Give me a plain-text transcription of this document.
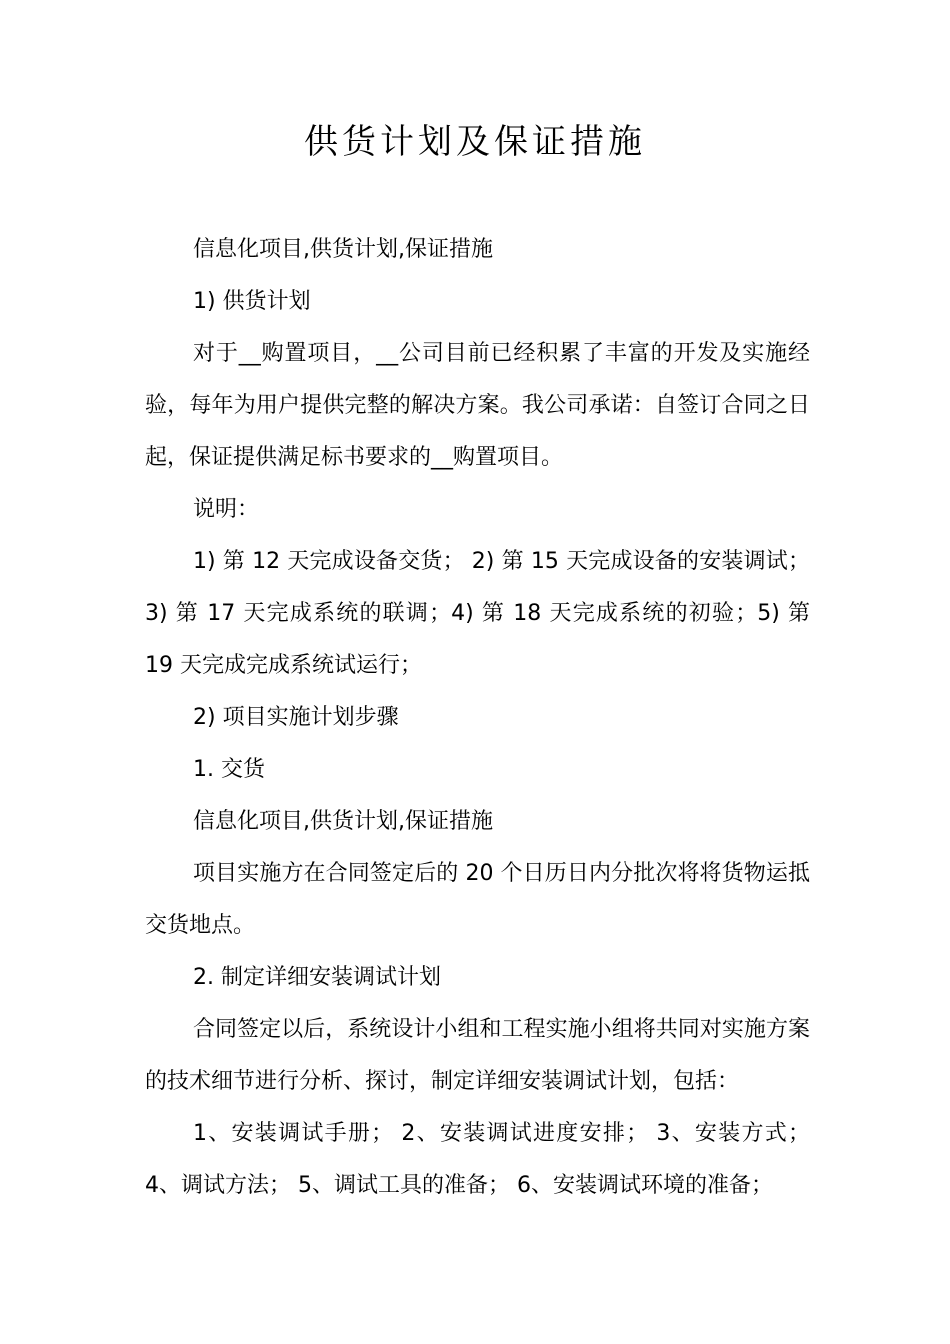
供货计划及保证措施

信息化项目,供货计划,保证措施

1) 供货计划

对于__购置项目，__公司目前已经积累了丰富的开发及实施经验，每年为用户提供完整的解决方案。我公司承诺：自签订合同之日起，保证提供满足标书要求的__购置项目。

说明：

1) 第 12 天完成设备交货； 2) 第 15 天完成设备的安装调试；3) 第 17 天完成系统的联调；4) 第 18 天完成系统的初验；5) 第 19 天完成完成系统试运行；

2) 项目实施计划步骤

1. 交货

信息化项目,供货计划,保证措施

项目实施方在合同签定后的 20 个日历日内分批次将将货物运抵交货地点。

2. 制定详细安装调试计划

合同签定以后，系统设计小组和工程实施小组将共同对实施方案的技术细节进行分析、探讨，制定详细安装调试计划，包括：

1、安装调试手册； 2、安装调试进度安排； 3、安装方式；4、调试方法； 5、调试工具的准备； 6、安装调试环境的准备；
